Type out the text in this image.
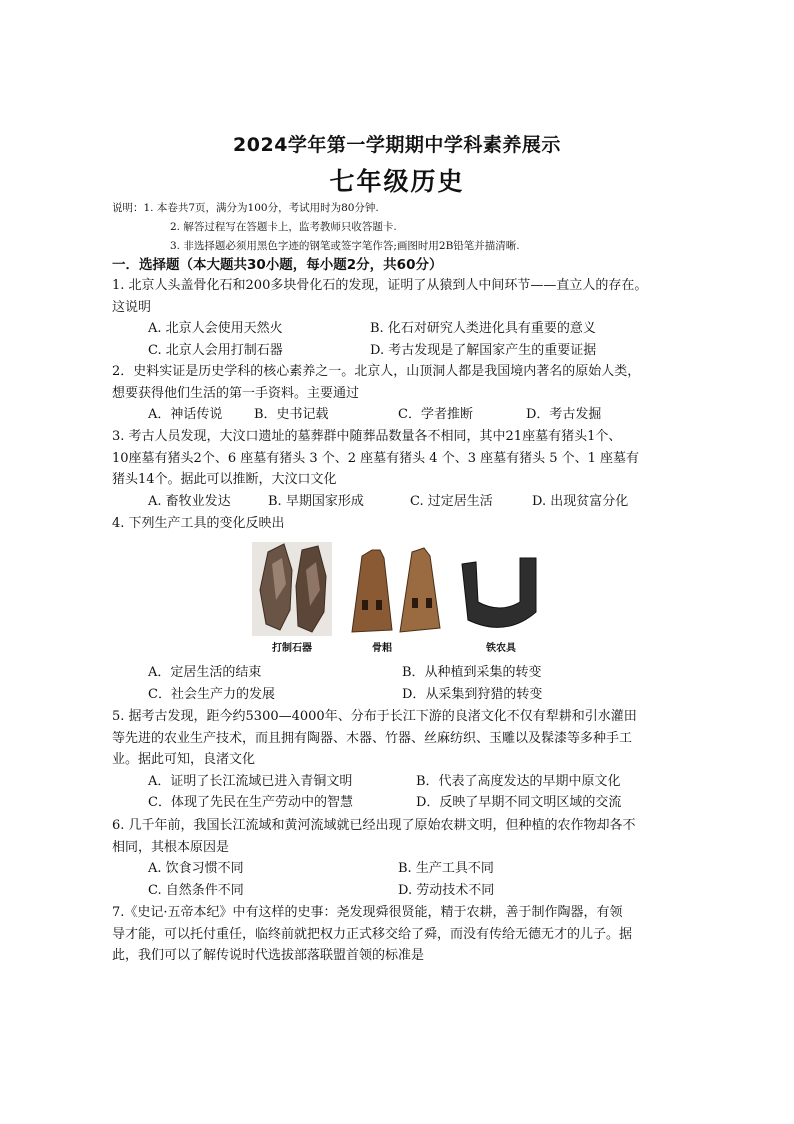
2024学年第一学期期中学科素养展示
七年级历史
说明：1. 本卷共7页，满分为100分，考试用时为80分钟.
2. 解答过程写在答题卡上，监考教师只收答题卡.
3. 非选择题必须用黑色字迹的钢笔或签字笔作答;画图时用2B铅笔并描清晰.
一．选择题（本大题共30小题，每小题2分，共60分）

1. 北京人头盖骨化石和200多块骨化石的发现，证明了从猿到人中间环节——直立人的存在。

这说明

A. 北京人会使用天然火	B. 化石对研究人类进化具有重要的意义
C. 北京人会用打制石器	D. 考古发现是了解国家产生的重要证据

2．史料实证是历史学科的核心素养之一。北京人，山顶洞人都是我国境内著名的原始人类，

想要获得他们生活的第一手资料。主要通过

A．神话传说 B．史书记载	C．学者推断	D．考古发掘

3. 考古人员发现，大汶口遗址的墓葬群中随葬品数量各不相同，其中21座墓有猪头1个、

10座墓有猪头2个、6 座墓有猪头 3 个、2 座墓有猪头 4 个、3 座墓有猪头 5 个、1 座墓有

猪头14个。据此可以推断，大汶口文化

A. 畜牧业发达	B. 早期国家形成	C. 过定居生活	D. 出现贫富分化

4. 下列生产工具的变化反映出

打制石器	骨耜	铁农具
A．定居生活的结束	B．从种植到采集的转变
C．社会生产力的发展	D．从采集到狩猎的转变

5. 据考古发现，距今约5300—4000年、分布于长江下游的良渚文化不仅有犁耕和引水灌田

等先进的农业生产技术，而且拥有陶器、木器、竹器、丝麻纺织、玉雕以及髹漆等多种手工

业。据此可知，良渚文化

A．证明了长江流域已进入青铜文明	B．代表了高度发达的早期中原文化
C．体现了先民在生产劳动中的智慧	D．反映了早期不同文明区域的交流

6. 几千年前，我国长江流域和黄河流域就已经出现了原始农耕文明，但种植的农作物却各不

相同，其根本原因是

A. 饮食习惯不同	B. 生产工具不同
C. 自然条件不同	D. 劳动技术不同

7.《史记·五帝本纪》中有这样的史事：尧发现舜很贤能，精于农耕，善于制作陶器，有领

导才能，可以托付重任，临终前就把权力正式移交给了舜，而没有传给无德无才的儿子。据

此，我们可以了解传说时代选拔部落联盟首领的标准是
